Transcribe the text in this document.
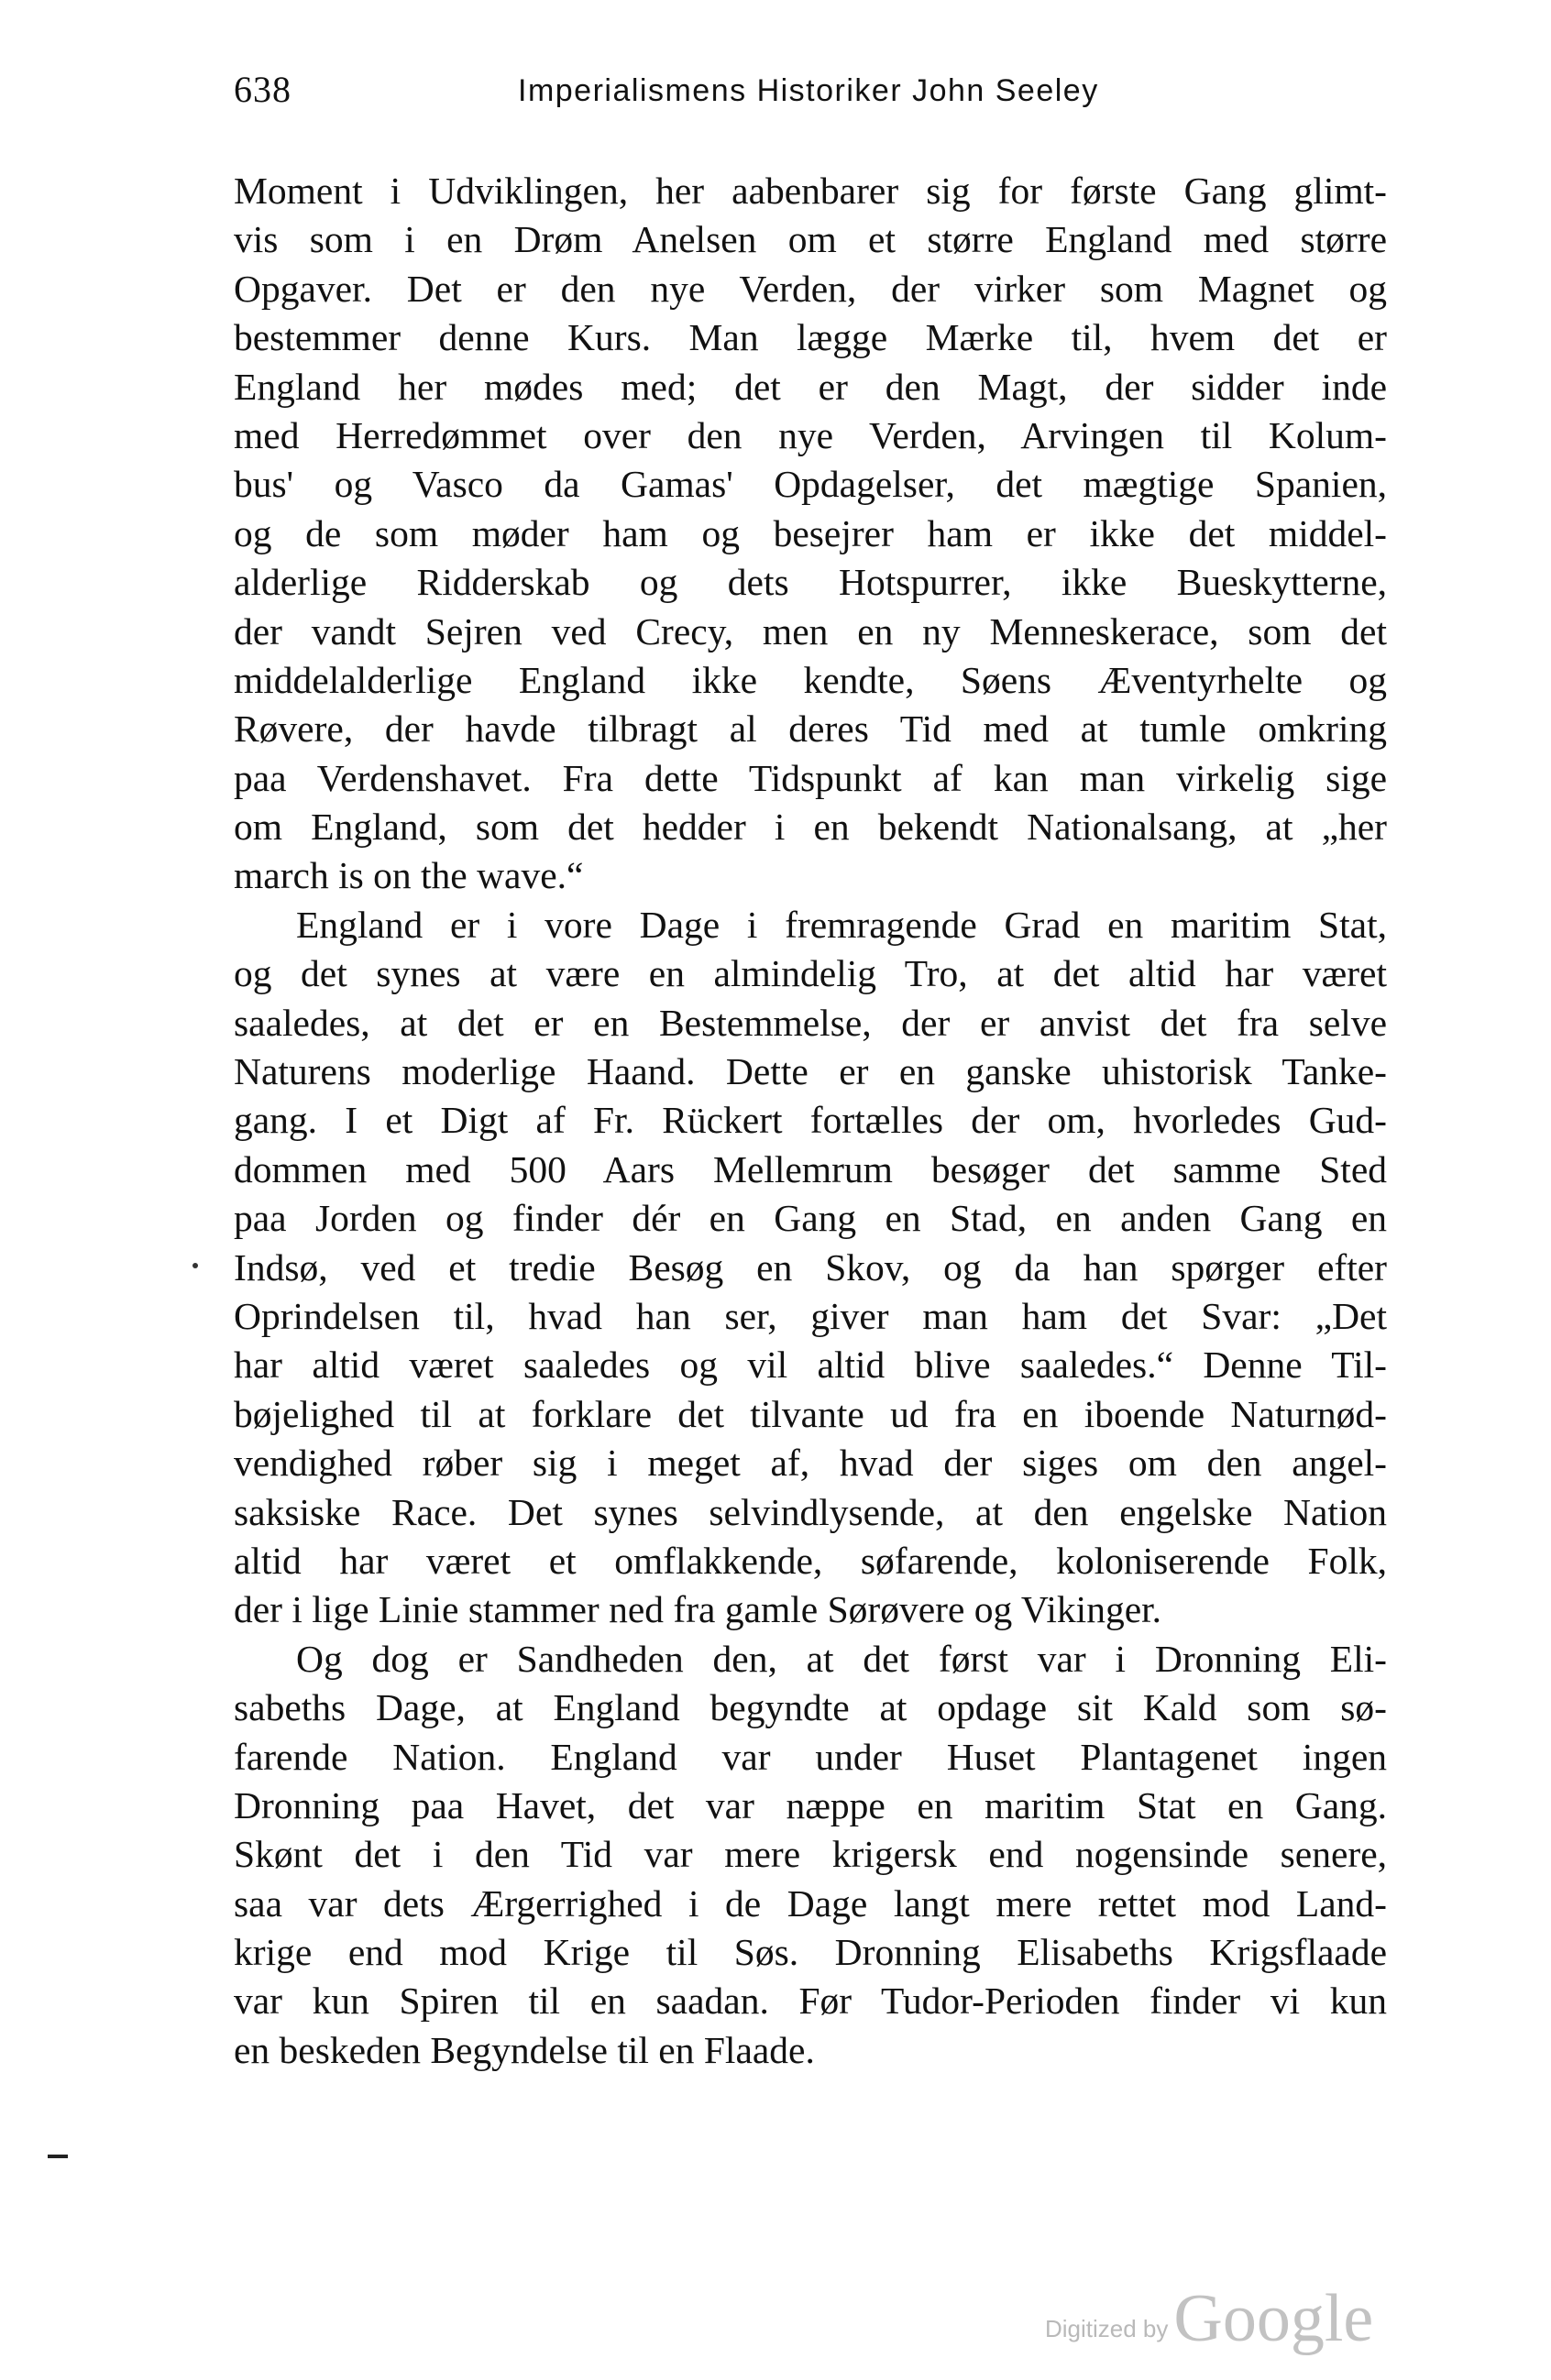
638	Imperialismens Historiker John Seeley
Moment i Udviklingen, her aabenbarer sig for første Gang glimt-
vis som i en Drøm Anelsen om et større England med større
Opgaver. Det er den nye Verden, der virker som Magnet og
bestemmer denne Kurs. Man lægge Mærke til, hvem det er
England her mødes med; det er den Magt, der sidder inde
med Herredømmet over den nye Verden, Arvingen til Kolum-
bus' og Vasco da Gamas' Opdagelser, det mægtige Spanien,
og de som møder ham og besejrer ham er ikke det middel-
alderlige Ridderskab og dets Hotspurrer, ikke Bueskytterne,
der vandt Sejren ved Crecy, men en ny Menneskerace, som det
middelalderlige England ikke kendte, Søens Æventyrhelte og
Røvere, der havde tilbragt al deres Tid med at tumle omkring
paa Verdenshavet. Fra dette Tidspunkt af kan man virkelig sige
om England, som det hedder i en bekendt Nationalsang, at „her
march is on the wave.“
England er i vore Dage i fremragende Grad en maritim Stat,
og det synes at være en almindelig Tro, at det altid har været
saaledes, at det er en Bestemmelse, der er anvist det fra selve
Naturens moderlige Haand. Dette er en ganske uhistorisk Tanke-
gang. I et Digt af Fr. Rückert fortælles der om, hvorledes Gud-
dommen med 500 Aars Mellemrum besøger det samme Sted
paa Jorden og finder dér en Gang en Stad, en anden Gang en
Indsø, ved et tredie Besøg en Skov, og da han spørger efter
Oprindelsen til, hvad han ser, giver man ham det Svar: „Det
har altid været saaledes og vil altid blive saaledes.“ Denne Til-
bøjelighed til at forklare det tilvante ud fra en iboende Naturnød-
vendighed røber sig i meget af, hvad der siges om den angel-
saksiske Race. Det synes selvindlysende, at den engelske Nation
altid har været et omflakkende, søfarende, koloniserende Folk,
der i lige Linie stammer ned fra gamle Sørøvere og Vikinger.
Og dog er Sandheden den, at det først var i Dronning Eli-
sabeths Dage, at England begyndte at opdage sit Kald som sø-
farende Nation. England var under Huset Plantagenet ingen
Dronning paa Havet, det var næppe en maritim Stat en Gang.
Skønt det i den Tid var mere krigersk end nogensinde senere,
saa var dets Ærgerrighed i de Dage langt mere rettet mod Land-
krige end mod Krige til Søs. Dronning Elisabeths Krigsflaade
var kun Spiren til en saadan. Før Tudor-Perioden finder vi kun
en beskeden Begyndelse til en Flaade.
Digitized by Google
